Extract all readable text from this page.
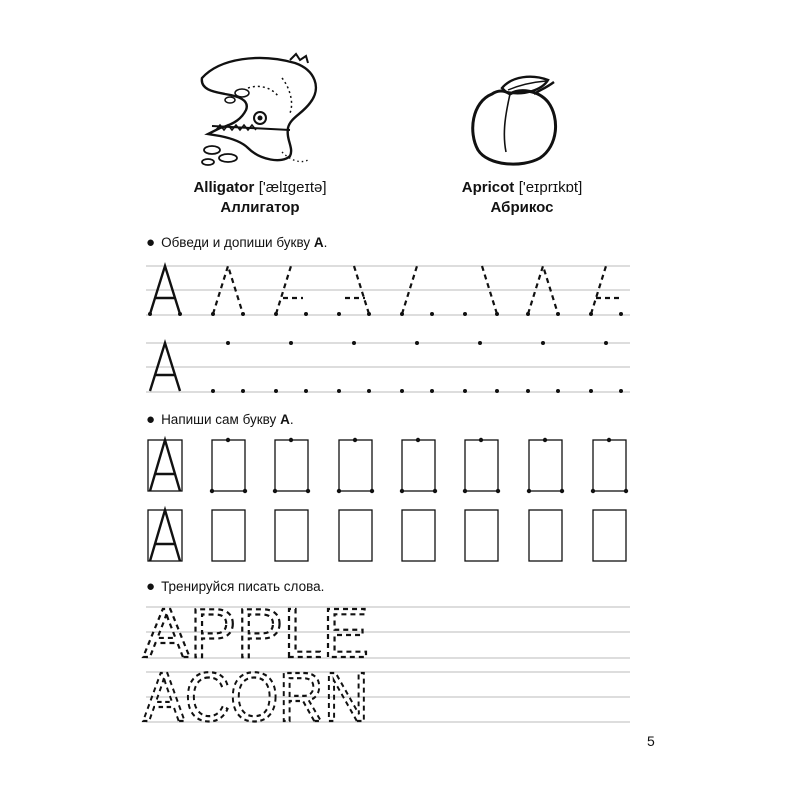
Alligator ['ælɪgeɪtə]
Аллигатор
Apricot ['eɪprɪkɒt]
Абрикос
● Обведи и допиши букву А.
● Напиши сам букву А.
● Тренируйся писать слова.
APPLE
ACORN
5
